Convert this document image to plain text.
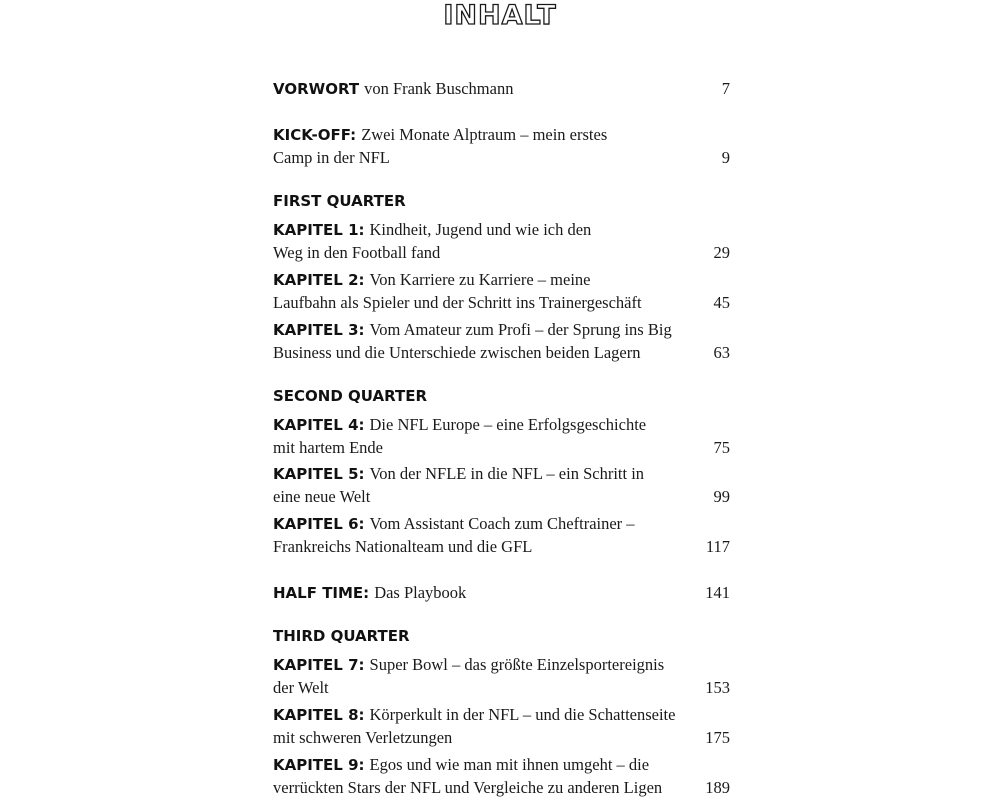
INHALT
VORWORT von Frank Buschmann	7
KICK-OFF: Zwei Monate Alptraum – mein erstes
Camp in der NFL	9
FIRST QUARTER
KAPITEL 1: Kindheit, Jugend und wie ich den
Weg in den Football fand	29
KAPITEL 2: Von Karriere zu Karriere – meine
Laufbahn als Spieler und der Schritt ins Trainergeschäft	45
KAPITEL 3: Vom Amateur zum Profi – der Sprung ins Big
Business und die Unterschiede zwischen beiden Lagern	63
SECOND QUARTER
KAPITEL 4: Die NFL Europe – eine Erfolgsgeschichte
mit hartem Ende	75
KAPITEL 5: Von der NFLE in die NFL – ein Schritt in
eine neue Welt	99
KAPITEL 6: Vom Assistant Coach zum Cheftrainer –
Frankreichs Nationalteam und die GFL	117
HALF TIME: Das Playbook	141
THIRD QUARTER
KAPITEL 7: Super Bowl – das größte Einzelsportereignis
der Welt	153
KAPITEL 8: Körperkult in der NFL – und die Schattenseite
mit schweren Verletzungen	175
KAPITEL 9: Egos und wie man mit ihnen umgeht – die
verrückten Stars der NFL und Vergleiche zu anderen Ligen	189
